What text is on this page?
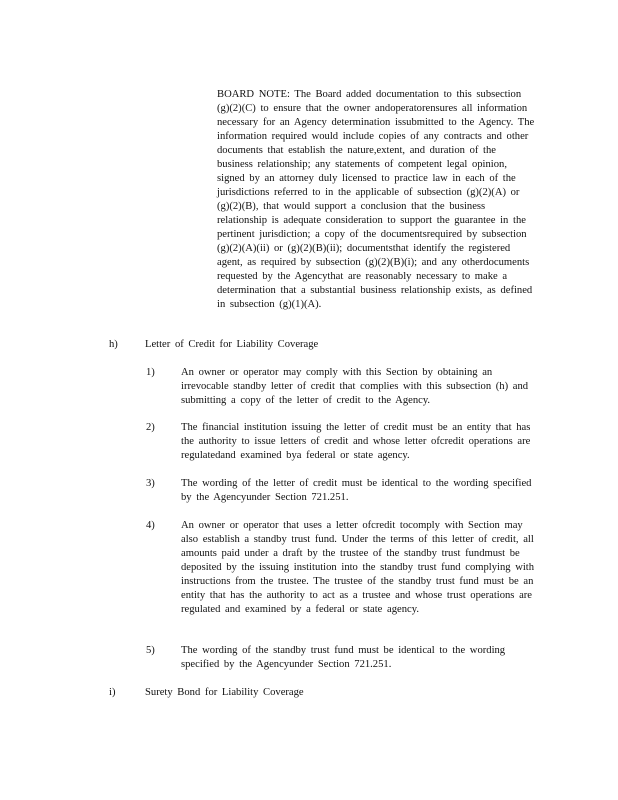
BOARD NOTE: The Board added documentation to this subsection (g)(2)(C) to ensure that the owner andoperatorensures all information necessary for an Agency determination issubmitted to the Agency. The information required would include copies of any contracts and other documents that establish the nature,extent, and duration of the business relationship; any statements of competent legal opinion, signed by an attorney duly licensed to practice law in each of the jurisdictions referred to in the applicable of subsection (g)(2)(A) or (g)(2)(B), that would support a conclusion that the business relationship is adequate consideration to support the guarantee in the pertinent jurisdiction; a copy of the documentsrequired by subsection (g)(2)(A)(ii) or (g)(2)(B)(ii); documentsthat identify the registered agent, as required by subsection (g)(2)(B)(i); and any otherdocuments requested by the Agencythat are reasonably necessary to make a determination that a substantial business relationship exists, as defined in subsection (g)(1)(A).
h)	Letter of Credit for Liability Coverage
1)	An owner or operator may comply with this Section by obtaining an irrevocable standby letter of credit that complies with this subsection (h) and submitting a copy of the letter of credit to the Agency.
2)	The financial institution issuing the letter of credit must be an entity that has the authority to issue letters of credit and whose letter ofcredit operations are regulatedand examined bya federal or state agency.
3)	The wording of the letter of credit must be identical to the wording specified by the Agencyunder Section 721.251.
4)	An owner or operator that uses a letter ofcredit tocomply with Section may also establish a standby trust fund. Under the terms of this letter of credit, all amounts paid under a draft by the trustee of the standby trust fundmust be deposited by the issuing institution into the standby trust fund complying with instructions from the trustee. The trustee of the standby trust fund must be an entity that has the authority to act as a trustee and whose trust operations are regulated and examined by a federal or state agency.
5)	The wording of the standby trust fund must be identical to the wording specified by the Agencyunder Section 721.251.
i)	Surety Bond for Liability Coverage
